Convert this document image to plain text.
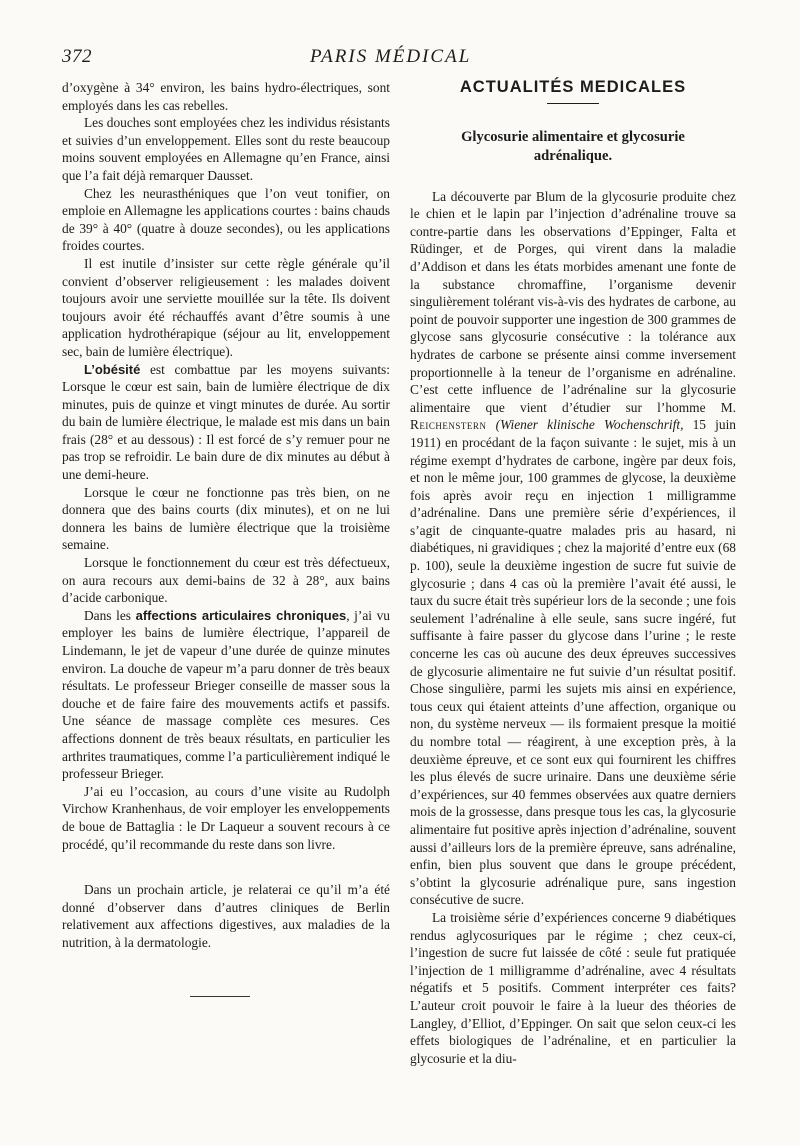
372	PARIS MÉDICAL

d’oxygène à 34° environ, les bains hydro-électriques, sont employés dans les cas rebelles.

Les douches sont employées chez les individus résistants et suivies d’un enveloppement. Elles sont du reste beaucoup moins souvent employées en Allemagne qu’en France, ainsi que l’a fait déjà remarquer Dausset.

Chez les neurasthéniques que l’on veut tonifier, on emploie en Allemagne les applications courtes : bains chauds de 39° à 40° (quatre à douze secondes), ou les applications froides courtes.

Il est inutile d’insister sur cette règle générale qu’il convient d’observer religieusement : les malades doivent toujours avoir une serviette mouillée sur la tête. Ils doivent toujours avoir été réchauffés avant d’être soumis à une application hydrothérapique (séjour au lit, enveloppement sec, bain de lumière électrique).

L’obésité est combattue par les moyens suivants: Lorsque le cœur est sain, bain de lumière électrique de dix minutes, puis de quinze et vingt minutes de durée. Au sortir du bain de lumière électrique, le malade est mis dans un bain frais (28° et au dessous) : Il est forcé de s’y remuer pour ne pas trop se refroidir. Le bain dure de dix minutes au début à une demi-heure.

Lorsque le cœur ne fonctionne pas très bien, on ne donnera que des bains courts (dix minutes), et on ne lui donnera les bains de lumière électrique que la troisième semaine.

Lorsque le fonctionnement du cœur est très défectueux, on aura recours aux demi-bains de 32 à 28°, aux bains d’acide carbonique.

Dans les affections articulaires chroniques, j’ai vu employer les bains de lumière électrique, l’appareil de Lindemann, le jet de vapeur d’une durée de quinze minutes environ. La douche de vapeur m’a paru donner de très beaux résultats. Le professeur Brieger conseille de masser sous la douche et de faire faire des mouvements actifs et passifs. Une séance de massage complète ces mesures. Ces affections donnent de très beaux résultats, en particulier les arthrites traumatiques, comme l’a particulièrement indiqué le professeur Brieger.

J’ai eu l’occasion, au cours d’une visite au Rudolph Virchow Kranhenhaus, de voir employer les enveloppements de boue de Battaglia : le Dr Laqueur a souvent recours à ce procédé, qu’il recommande du reste dans son livre.

Dans un prochain article, je relaterai ce qu’il m’a été donné d’observer dans d’autres cliniques de Berlin relativement aux affections digestives, aux maladies de la nutrition, à la dermatologie.

ACTUALITÉS MEDICALES
Glycosurie alimentaire et glycosurie adrénalique.

La découverte par Blum de la glycosurie produite chez le chien et le lapin par l’injection d’adrénaline trouve sa contre-partie dans les observations d’Eppinger, Falta et Rüdinger, et de Porges, qui virent dans la maladie d’Addison et dans les états morbides amenant une fonte de la substance chromaffine, l’organisme devenir singulièrement tolérant vis-à-vis des hydrates de carbone, au point de pouvoir supporter une ingestion de 300 grammes de glycose sans glycosurie consécutive : la tolérance aux hydrates de carbone se présente ainsi comme inversement proportionnelle à la teneur de l’organisme en adrénaline. C’est cette influence de l’adrénaline sur la glycosurie alimentaire que vient d’étudier sur l’homme M. Reichenstern (Wiener klinische Wochenschrift, 15 juin 1911) en procédant de la façon suivante : le sujet, mis à un régime exempt d’hydrates de carbone, ingère par deux fois, et non le même jour, 100 grammes de glycose, la deuxième fois après avoir reçu en injection 1 milligramme d’adrénaline. Dans une première série d’expériences, il s’agit de cinquante-quatre malades pris au hasard, ni diabétiques, ni gravidiques ; chez la majorité d’entre eux (68 p. 100), seule la deuxième ingestion de sucre fut suivie de glycosurie ; dans 4 cas où la première l’avait été aussi, le taux du sucre était très supérieur lors de la seconde ; une fois seulement l’adrénaline à elle seule, sans sucre ingéré, fut suffisante à faire passer du glycose dans l’urine ; le reste concerne les cas où aucune des deux épreuves successives de glycosurie alimentaire ne fut suivie d’un résultat positif. Chose singulière, parmi les sujets mis ainsi en expérience, tous ceux qui étaient atteints d’une affection, organique ou non, du système nerveux — ils formaient presque la moitié du nombre total — réagirent, à une exception près, à la deuxième épreuve, et ce sont eux qui fournirent les chiffres les plus élevés de sucre urinaire. Dans une deuxième série d’expériences, sur 40 femmes observées aux quatre derniers mois de la grossesse, dans presque tous les cas, la glycosurie alimentaire fut positive après injection d’adrénaline, souvent aussi d’ailleurs lors de la première épreuve, sans adrénaline, enfin, bien plus souvent que dans le groupe précédent, s’obtint la glycosurie adrénalique pure, sans ingestion consécutive de sucre.

La troisième série d’expériences concerne 9 diabétiques rendus aglycosuriques par le régime ; chez ceux-ci, l’ingestion de sucre fut laissée de côté : seule fut pratiquée l’injection de 1 milligramme d’adrénaline, avec 4 résultats négatifs et 5 positifs. Comment interpréter ces faits? L’auteur croit pouvoir le faire à la lueur des théories de Langley, d’Elliot, d’Eppinger. On sait que selon ceux-ci les effets biologiques de l’adrénaline, et en particulier la glycosurie et la diu-
